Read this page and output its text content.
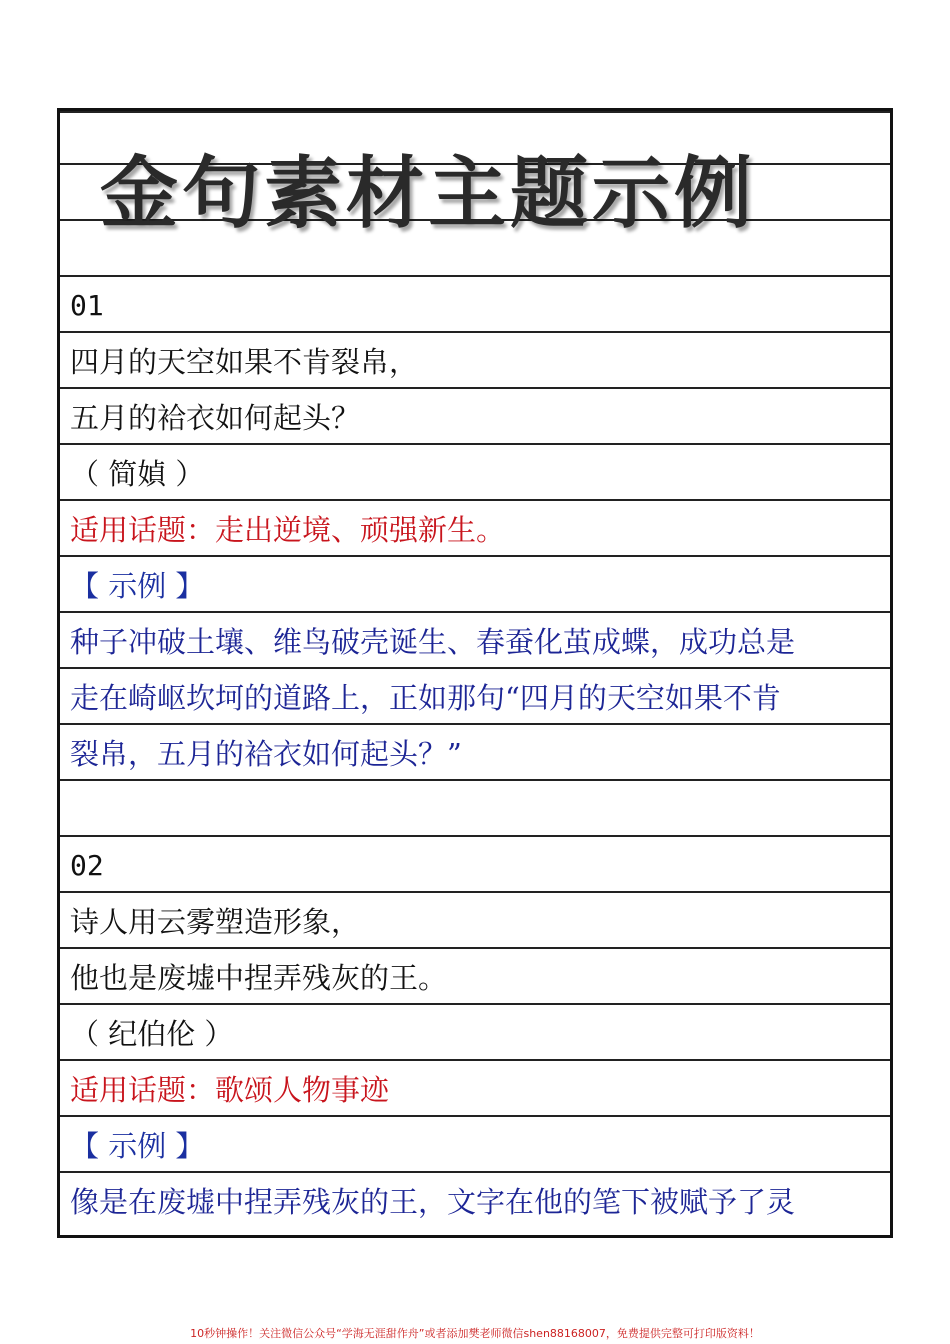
金句素材主题示例
01
四月的天空如果不肯裂帛，
五月的袷衣如何起头？
（ 简媜 ）
适用话题：走出逆境、顽强新生。
【 示例 】
种子冲破土壤、维鸟破壳诞生、春蚕化茧成蝶，成功总是
走在崎岖坎坷的道路上，正如那句“四月的天空如果不肯
裂帛，五月的袷衣如何起头？”
02
诗人用云雾塑造形象，
他也是废墟中捏弄残灰的王。
（ 纪伯伦 ）
适用话题：歌颂人物事迹
【 示例 】
像是在废墟中捏弄残灰的王，文字在他的笔下被赋予了灵
10秒钟操作！关注微信公众号“学海无涯甜作舟”或者添加樊老师微信shen88168007，免费提供完整可打印版资料！
